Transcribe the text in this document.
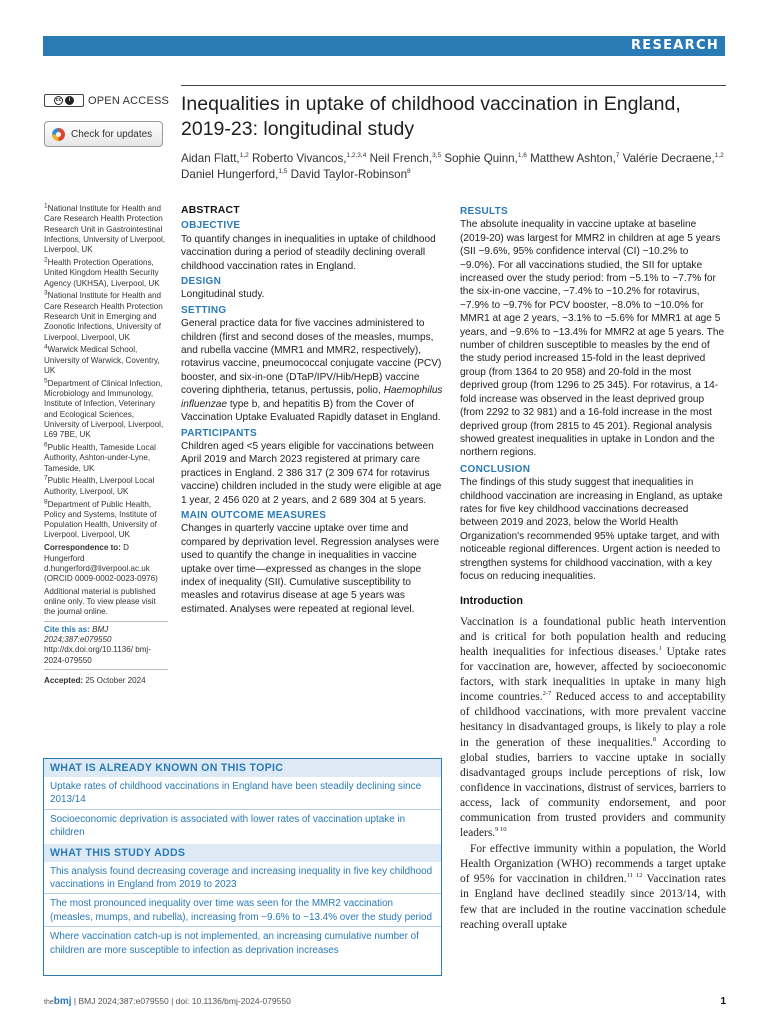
RESEARCH
cc	i	OPEN ACCESS
Check for updates
Inequalities in uptake of childhood vaccination in England, 2019-23: longitudinal study
Aidan Flatt,$^{1,2}$ Roberto Vivancos,$^{1,2,3,4}$ Neil French,$^{3,5}$ Sophie Quinn,$^{1,6}$ Matthew Ashton,$^7$ Valérie Decraene,$^{1,2}$ Daniel Hungerford,$^{1,5}$ David Taylor-Robinson$^8$

$^1$National Institute for Health and Care Research Health Protection Research Unit in Gastrointestinal Infections, University of Liverpool, Liverpool, UK

$^2$Health Protection Operations, United Kingdom Health Security Agency (UKHSA), Liverpool, UK

$^3$National Institute for Health and Care Research Health Protection Research Unit in Emerging and Zoonotic Infections, University of Liverpool, Liverpool, UK

$^4$Warwick Medical School, University of Warwick, Coventry, UK

$^5$Department of Clinical Infection, Microbiology and Immunology, Institute of Infection, Veterinary and Ecological Sciences, University of Liverpool, Liverpool, L69 7BE, UK

$^6$Public Health, Tameside Local Authority, Ashton-under-Lyne, Tameside, UK

$^7$Public Health, Liverpool Local Authority, Liverpool, UK

$^8$Department of Public Health, Policy and Systems, Institute of Population Health, University of Liverpool, Liverpool, UK

Correspondence to: D Hungerford
d.hungerford@liverpool.ac.uk
(ORCID 0009-0002-0023-0976)

Additional material is published online only. To view please visit the journal online.

Cite this as: BMJ 2024;387:e079550
http://dx.doi.org/10.1136/ bmj-2024-079550

Accepted: 25 October 2024

ABSTRACT
OBJECTIVE

To quantify changes in inequalities in uptake of childhood vaccination during a period of steadily declining overall childhood vaccination rates in England.

DESIGN

Longitudinal study.

SETTING

General practice data for five vaccines administered to children (first and second doses of the measles, mumps, and rubella vaccine (MMR1 and MMR2, respectively), rotavirus vaccine, pneumococcal conjugate vaccine (PCV) booster, and six-in-one (DTaP/IPV/Hib/HepB) vaccine covering diphtheria, tetanus, pertussis, polio, Haemophilus influenzae type b, and hepatitis B) from the Cover of Vaccination Uptake Evaluated Rapidly dataset in England.

PARTICIPANTS

Children aged <5 years eligible for vaccinations between April 2019 and March 2023 registered at primary care practices in England. 2 386 317 (2 309 674 for rotavirus vaccine) children included in the study were eligible at age 1 year, 2 456 020 at 2 years, and 2 689 304 at 5 years.

MAIN OUTCOME MEASURES

Changes in quarterly vaccine uptake over time and compared by deprivation level. Regression analyses were used to quantify the change in inequalities in vaccine uptake over time—expressed as changes in the slope index of inequality (SII). Cumulative susceptibility to measles and rotavirus disease at age 5 years was estimated. Analyses were repeated at regional level.

RESULTS

The absolute inequality in vaccine uptake at baseline (2019-20) was largest for MMR2 in children at age 5 years (SII −9.6%, 95% confidence interval (CI) −10.2% to −9.0%). For all vaccinations studied, the SII for uptake increased over the study period: from −5.1% to −7.7% for the six-in-one vaccine, −7.4% to −10.2% for rotavirus, −7.9% to −9.7% for PCV booster, −8.0% to −10.0% for MMR1 at age 2 years, −3.1% to −5.6% for MMR1 at age 5 years, and −9.6% to −13.4% for MMR2 at age 5 years. The number of children susceptible to measles by the end of the study period increased 15-fold in the least deprived group (from 1364 to 20 958) and 20-fold in the most deprived group (from 1296 to 25 345). For rotavirus, a 14-fold increase was observed in the least deprived group (from 2292 to 32 981) and a 16-fold increase in the most deprived group (from 2815 to 45 201). Regional analysis showed greatest inequalities in uptake in London and the northern regions.

CONCLUSION

The findings of this study suggest that inequalities in childhood vaccination are increasing in England, as uptake rates for five key childhood vaccinations decreased between 2019 and 2023, below the World Health Organization's recommended 95% uptake target, and with noticeable regional differences. Urgent action is needed to strengthen systems for childhood vaccination, with a key focus on reducing inequalities.

Introduction

Vaccination is a foundational public heath intervention and is critical for both population health and reducing health inequalities for infectious diseases.$^1$ Uptake rates for vaccination are, however, affected by socioeconomic factors, with stark inequalities in uptake in many high income countries.$^{2-7}$ Reduced access to and acceptability of childhood vaccinations, with more prevalent vaccine hesitancy in disadvantaged groups, is likely to play a role in the generation of these inequalities.$^8$ According to global studies, barriers to vaccine uptake in socially disadvantaged groups include perceptions of risk, low confidence in vaccinations, distrust of services, barriers to access, lack of community endorsement, and poor communication from trusted providers and community leaders.$^{9 10}$

For effective immunity within a population, the World Health Organization (WHO) recommends a target uptake of 95% for vaccination in children.$^{11 12}$ Vaccination rates in England have declined steadily since 2013/14, with few that are included in the routine vaccination schedule reaching overall uptake

WHAT IS ALREADY KNOWN ON THIS TOPIC
Uptake rates of childhood vaccinations in England have been steadily declining since 2013/14
Socioeconomic deprivation is associated with lower rates of vaccination uptake in children
WHAT THIS STUDY ADDS
This analysis found decreasing coverage and increasing inequality in five key childhood vaccinations in England from 2019 to 2023
The most pronounced inequality over time was seen for the MMR2 vaccination (measles, mumps, and rubella), increasing from −9.6% to −13.4% over the study period
Where vaccination catch-up is not implemented, an increasing cumulative number of children are more susceptible to infection as deprivation increases
thebmj | BMJ 2024;387:e079550 | doi: 10.1136/bmj-2024-079550	1
